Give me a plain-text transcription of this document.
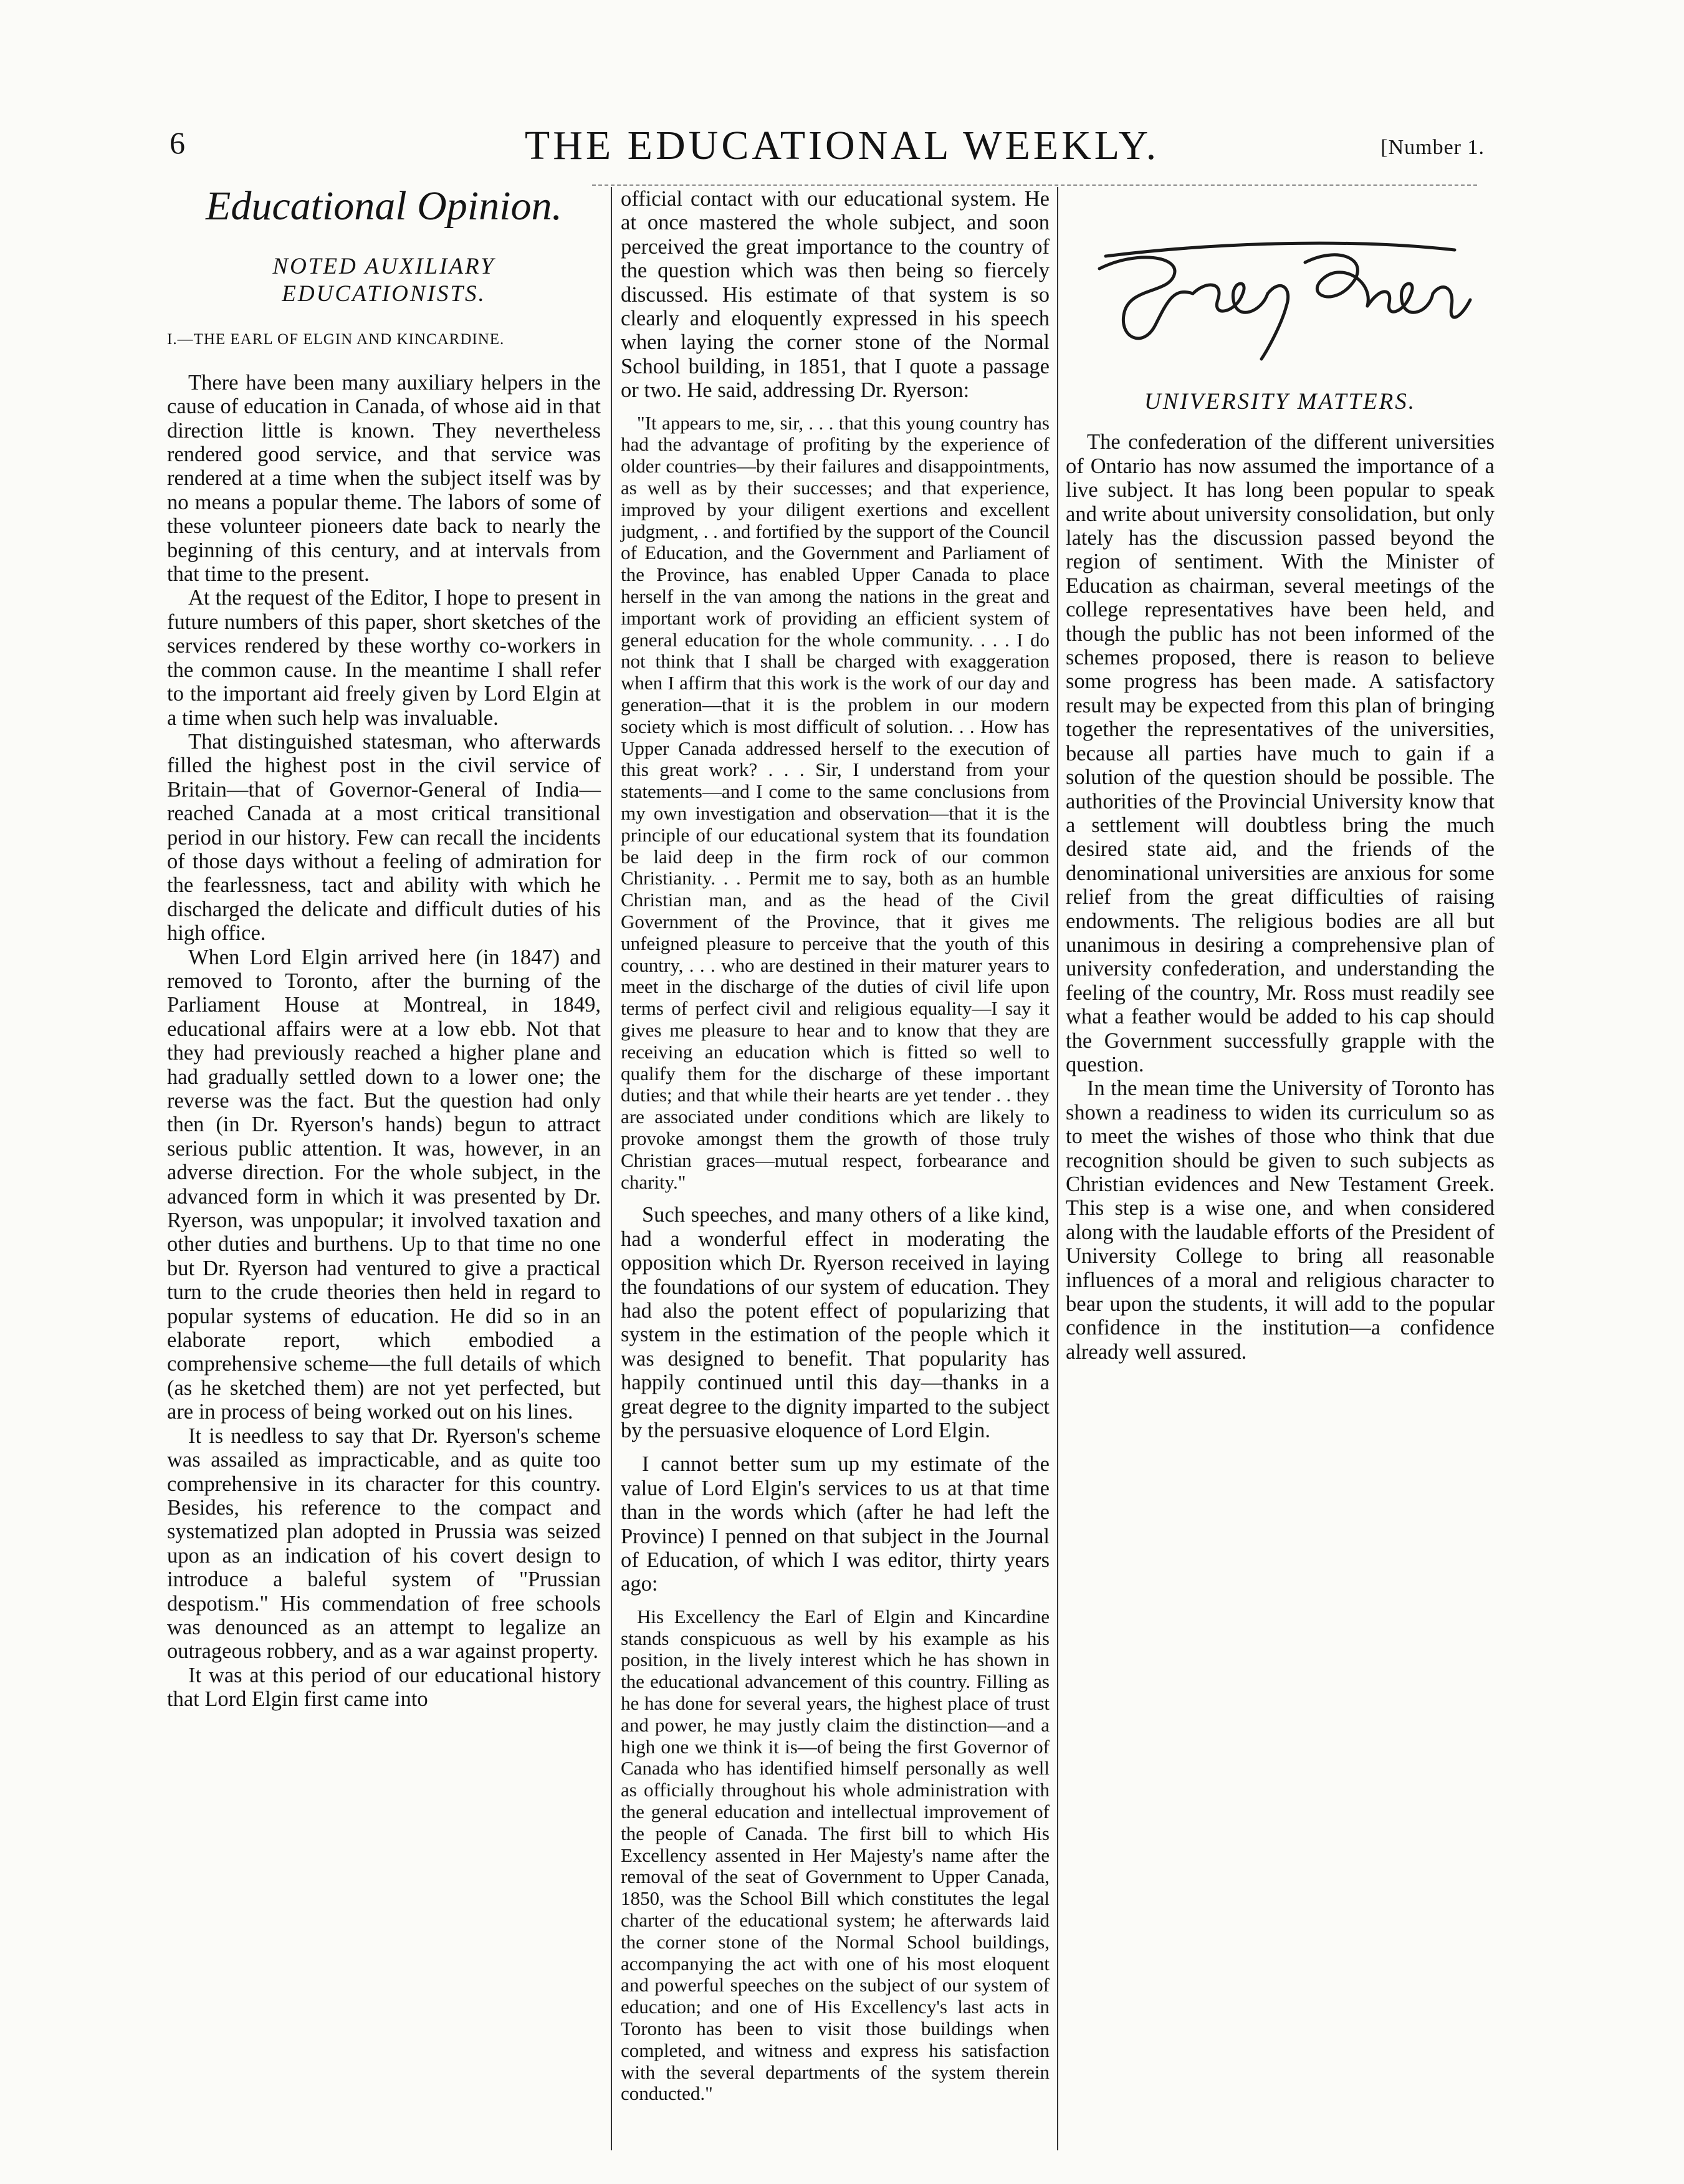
6	THE EDUCATIONAL WEEKLY.	[Number 1.
Educational Opinion.
NOTED AUXILIARY EDUCATIONISTS.
I.—THE EARL OF ELGIN AND KINCARDINE.

There have been many auxiliary helpers in the cause of education in Canada, of whose aid in that direction little is known. They nevertheless rendered good service, and that service was rendered at a time when the subject itself was by no means a popular theme. The labors of some of these volunteer pioneers date back to nearly the beginning of this century, and at intervals from that time to the present.

At the request of the Editor, I hope to present in future numbers of this paper, short sketches of the services rendered by these worthy co-workers in the common cause. In the meantime I shall refer to the important aid freely given by Lord Elgin at a time when such help was invaluable.

That distinguished statesman, who afterwards filled the highest post in the civil service of Britain—that of Governor-General of India—reached Canada at a most critical transitional period in our history. Few can recall the incidents of those days without a feeling of admiration for the fearlessness, tact and ability with which he discharged the delicate and difficult duties of his high office.

When Lord Elgin arrived here (in 1847) and removed to Toronto, after the burning of the Parliament House at Montreal, in 1849, educational affairs were at a low ebb. Not that they had previously reached a higher plane and had gradually settled down to a lower one; the reverse was the fact. But the question had only then (in Dr. Ryerson's hands) begun to attract serious public attention. It was, however, in an adverse direction. For the whole subject, in the advanced form in which it was presented by Dr. Ryerson, was unpopular; it involved taxation and other duties and burthens. Up to that time no one but Dr. Ryerson had ventured to give a practical turn to the crude theories then held in regard to popular systems of education. He did so in an elaborate report, which embodied a comprehensive scheme—the full details of which (as he sketched them) are not yet perfected, but are in process of being worked out on his lines.

It is needless to say that Dr. Ryerson's scheme was assailed as impracticable, and as quite too comprehensive in its character for this country. Besides, his reference to the compact and systematized plan adopted in Prussia was seized upon as an indication of his covert design to introduce a baleful system of "Prussian despotism." His commendation of free schools was denounced as an attempt to legalize an outrageous robbery, and as a war against property.

It was at this period of our educational history that Lord Elgin first came into

official contact with our educational system. He at once mastered the whole subject, and soon perceived the great importance to the country of the question which was then being so fiercely discussed. His estimate of that system is so clearly and eloquently expressed in his speech when laying the corner stone of the Normal School building, in 1851, that I quote a passage or two. He said, addressing Dr. Ryerson:

"It appears to me, sir, . . . that this young country has had the advantage of profiting by the experience of older countries—by their failures and disappointments, as well as by their successes; and that experience, improved by your diligent exertions and excellent judgment, . . and fortified by the support of the Council of Education, and the Government and Parliament of the Province, has enabled Upper Canada to place herself in the van among the nations in the great and important work of providing an efficient system of general education for the whole community. . . . I do not think that I shall be charged with exaggeration when I affirm that this work is the work of our day and generation—that it is the problem in our modern society which is most difficult of solution. . . How has Upper Canada addressed herself to the execution of this great work? . . . Sir, I understand from your statements—and I come to the same conclusions from my own investigation and observation—that it is the principle of our educational system that its foundation be laid deep in the firm rock of our common Christianity. . . Permit me to say, both as an humble Christian man, and as the head of the Civil Government of the Province, that it gives me unfeigned pleasure to perceive that the youth of this country, . . . who are destined in their maturer years to meet in the discharge of the duties of civil life upon terms of perfect civil and religious equality—I say it gives me pleasure to hear and to know that they are receiving an education which is fitted so well to qualify them for the discharge of these important duties; and that while their hearts are yet tender . . they are associated under conditions which are likely to provoke amongst them the growth of those truly Christian graces—mutual respect, forbearance and charity."

Such speeches, and many others of a like kind, had a wonderful effect in moderating the opposition which Dr. Ryerson received in laying the foundations of our system of education. They had also the potent effect of popularizing that system in the estimation of the people which it was designed to benefit. That popularity has happily continued until this day—thanks in a great degree to the dignity imparted to the subject by the persuasive eloquence of Lord Elgin.

I cannot better sum up my estimate of the value of Lord Elgin's services to us at that time than in the words which (after he had left the Province) I penned on that subject in the Journal of Education, of which I was editor, thirty years ago:

His Excellency the Earl of Elgin and Kincardine stands conspicuous as well by his example as his position, in the lively interest which he has shown in the educational advancement of this country. Filling as he has done for several years, the highest place of trust and power, he may justly claim the distinction—and a high one we think it is—of being the first Governor of Canada who has identified himself personally as well as officially throughout his whole administration with the general education and intellectual improvement of the people of Canada. The first bill to which His Excellency assented in Her Majesty's name after the removal of the seat of Government to Upper Canada, 1850, was the School Bill which constitutes the legal charter of the educational system; he afterwards laid the corner stone of the Normal School buildings, accompanying the act with one of his most eloquent and powerful speeches on the subject of our system of education; and one of His Excellency's last acts in Toronto has been to visit those buildings when completed, and witness and express his satisfaction with the several departments of the system therein conducted."

UNIVERSITY MATTERS.

The confederation of the different universities of Ontario has now assumed the importance of a live subject. It has long been popular to speak and write about university consolidation, but only lately has the discussion passed beyond the region of sentiment. With the Minister of Education as chairman, several meetings of the college representatives have been held, and though the public has not been informed of the schemes proposed, there is reason to believe some progress has been made. A satisfactory result may be expected from this plan of bringing together the representatives of the universities, because all parties have much to gain if a solution of the question should be possible. The authorities of the Provincial University know that a settlement will doubtless bring the much desired state aid, and the friends of the denominational universities are anxious for some relief from the great difficulties of raising endowments. The religious bodies are all but unanimous in desiring a comprehensive plan of university confederation, and understanding the feeling of the country, Mr. Ross must readily see what a feather would be added to his cap should the Government successfully grapple with the question.

In the mean time the University of Toronto has shown a readiness to widen its curriculum so as to meet the wishes of those who think that due recognition should be given to such subjects as Christian evidences and New Testament Greek. This step is a wise one, and when considered along with the laudable efforts of the President of University College to bring all reasonable influences of a moral and religious character to bear upon the students, it will add to the popular confidence in the institution—a confidence already well assured.
